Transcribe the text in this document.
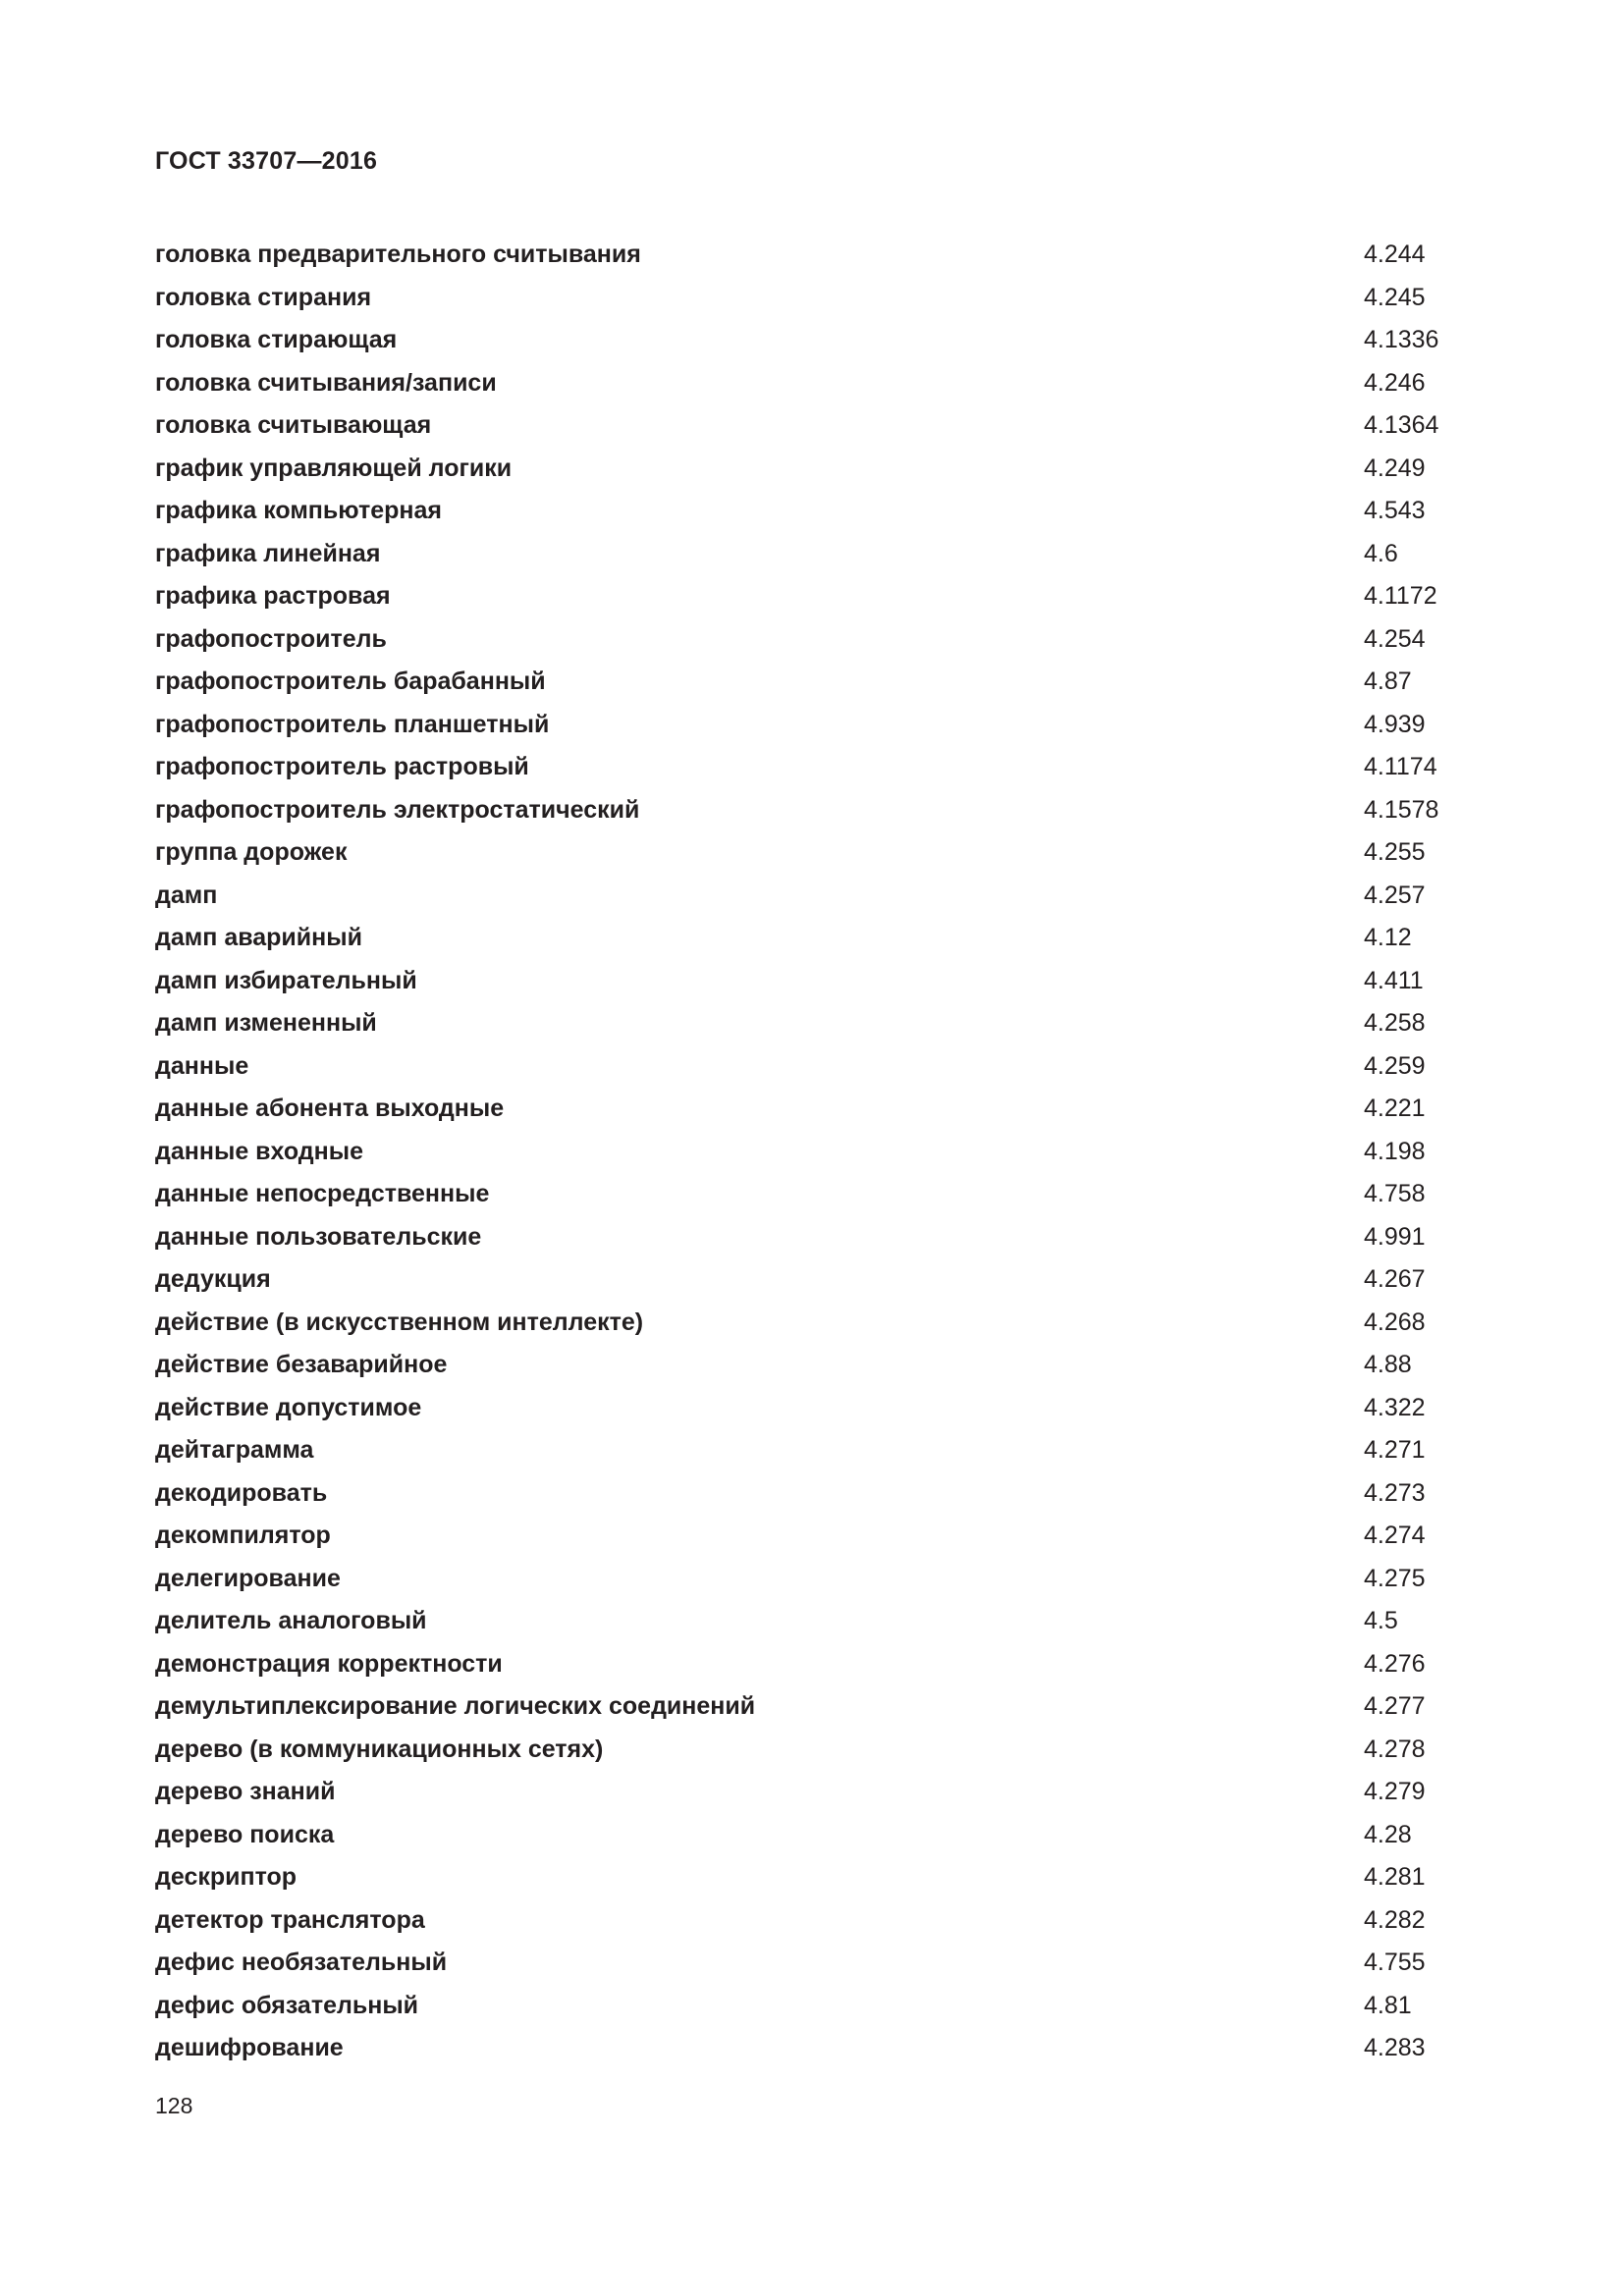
ГОСТ 33707—2016
головка предварительного считывания	4.244
головка стирания	4.245
головка стирающая	4.1336
головка считывания/записи	4.246
головка считывающая	4.1364
график управляющей логики	4.249
графика компьютерная	4.543
графика линейная	4.6
графика растровая	4.1172
графопостроитель	4.254
графопостроитель барабанный	4.87
графопостроитель планшетный	4.939
графопостроитель растровый	4.1174
графопостроитель электростатический	4.1578
группа дорожек	4.255
дамп	4.257
дамп аварийный	4.12
дамп избирательный	4.411
дамп измененный	4.258
данные	4.259
данные абонента выходные	4.221
данные входные	4.198
данные непосредственные	4.758
данные пользовательские	4.991
дедукция	4.267
действие (в искусственном интеллекте)	4.268
действие безаварийное	4.88
действие допустимое	4.322
дейтаграмма	4.271
декодировать	4.273
декомпилятор	4.274
делегирование	4.275
делитель аналоговый	4.5
демонстрация корректности	4.276
демультиплексирование логических соединений	4.277
дерево (в коммуникационных сетях)	4.278
дерево знаний	4.279
дерево поиска	4.28
дескриптор	4.281
детектор транслятора	4.282
дефис необязательный	4.755
дефис обязательный	4.81
дешифрование	4.283
128
